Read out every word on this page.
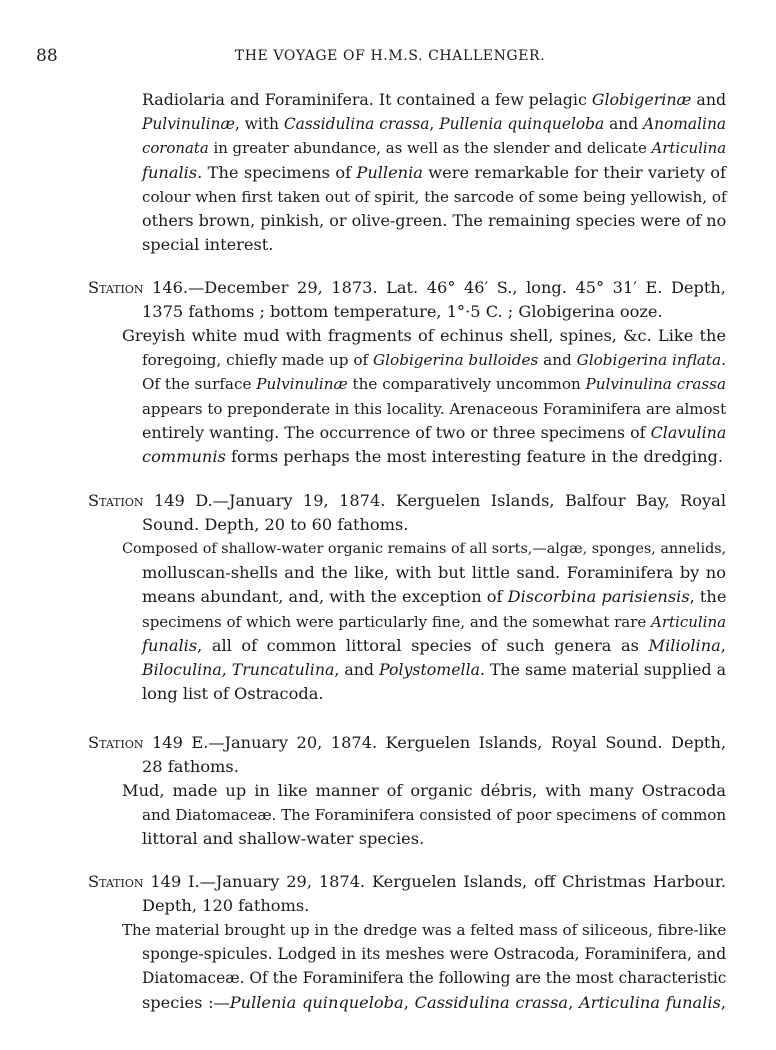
88	THE VOYAGE OF H.M.S. CHALLENGER.
Radiolaria and Foraminifera. It contained a few pelagic Globigerinæ and
Pulvinulinæ, with Cassidulina crassa, Pullenia quinqueloba and Anomalina
coronata in greater abundance, as well as the slender and delicate Articulina
funalis. The specimens of Pullenia were remarkable for their variety of
colour when first taken out of spirit, the sarcode of some being yellowish, of
others brown, pinkish, or olive-green. The remaining species were of no
special interest.
Station 146.—December 29, 1873. Lat. 46° 46′ S., long. 45° 31′ E. Depth,
1375 fathoms ; bottom temperature, 1°·5 C. ; Globigerina ooze.
Greyish white mud with fragments of echinus shell, spines, &c. Like the
foregoing, chiefly made up of Globigerina bulloides and Globigerina inflata.
Of the surface Pulvinulinæ the comparatively uncommon Pulvinulina crassa
appears to preponderate in this locality. Arenaceous Foraminifera are almost
entirely wanting. The occurrence of two or three specimens of Clavulina
communis forms perhaps the most interesting feature in the dredging.
Station 149 D.—January 19, 1874. Kerguelen Islands, Balfour Bay, Royal
Sound. Depth, 20 to 60 fathoms.
Composed of shallow-water organic remains of all sorts,—algæ, sponges, annelids,
molluscan-shells and the like, with but little sand. Foraminifera by no
means abundant, and, with the exception of Discorbina parisiensis, the
specimens of which were particularly fine, and the somewhat rare Articulina
funalis, all of common littoral species of such genera as Miliolina,
Biloculina, Truncatulina, and Polystomella. The same material supplied a
long list of Ostracoda.
Station 149 E.—January 20, 1874. Kerguelen Islands, Royal Sound. Depth,
28 fathoms.
Mud, made up in like manner of organic débris, with many Ostracoda
and Diatomaceæ. The Foraminifera consisted of poor specimens of common
littoral and shallow-water species.
Station 149 I.—January 29, 1874. Kerguelen Islands, off Christmas Harbour.
Depth, 120 fathoms.
The material brought up in the dredge was a felted mass of siliceous, fibre-like
sponge-spicules. Lodged in its meshes were Ostracoda, Foraminifera, and
Diatomaceæ. Of the Foraminifera the following are the most characteristic
species :—Pullenia quinqueloba, Cassidulina crassa, Articulina funalis,
